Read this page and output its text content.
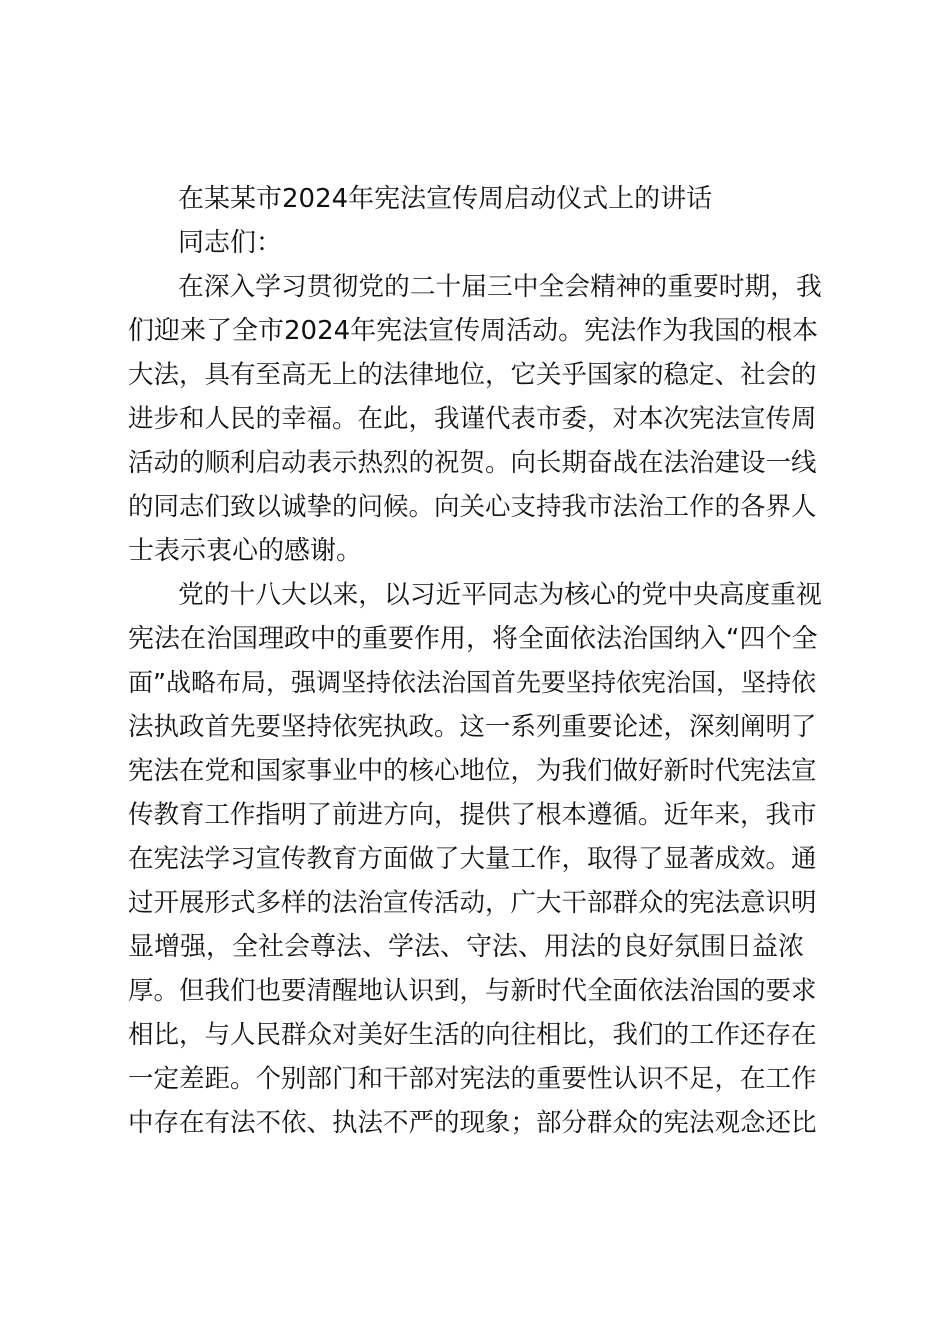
在某某市2024年宪法宣传周启动仪式上的讲话

同志们：

在深入学习贯彻党的二十届三中全会精神的重要时期，我
们迎来了全市2024年宪法宣传周活动。宪法作为我国的根本
大法，具有至高无上的法律地位，它关乎国家的稳定、社会的
进步和人民的幸福。在此，我谨代表市委，对本次宪法宣传周
活动的顺利启动表示热烈的祝贺。向长期奋战在法治建设一线
的同志们致以诚挚的问候。向关心支持我市法治工作的各界人
士表示衷心的感谢。

党的十八大以来，以习近平同志为核心的党中央高度重视
宪法在治国理政中的重要作用，将全面依法治国纳入“四个全
面”战略布局，强调坚持依法治国首先要坚持依宪治国，坚持依
法执政首先要坚持依宪执政。这一系列重要论述，深刻阐明了
宪法在党和国家事业中的核心地位，为我们做好新时代宪法宣
传教育工作指明了前进方向，提供了根本遵循。近年来，我市
在宪法学习宣传教育方面做了大量工作，取得了显著成效。通
过开展形式多样的法治宣传活动，广大干部群众的宪法意识明
显增强，全社会尊法、学法、守法、用法的良好氛围日益浓
厚。但我们也要清醒地认识到，与新时代全面依法治国的要求
相比，与人民群众对美好生活的向往相比，我们的工作还存在
一定差距。个别部门和干部对宪法的重要性认识不足，在工作
中存在有法不依、执法不严的现象；部分群众的宪法观念还比
